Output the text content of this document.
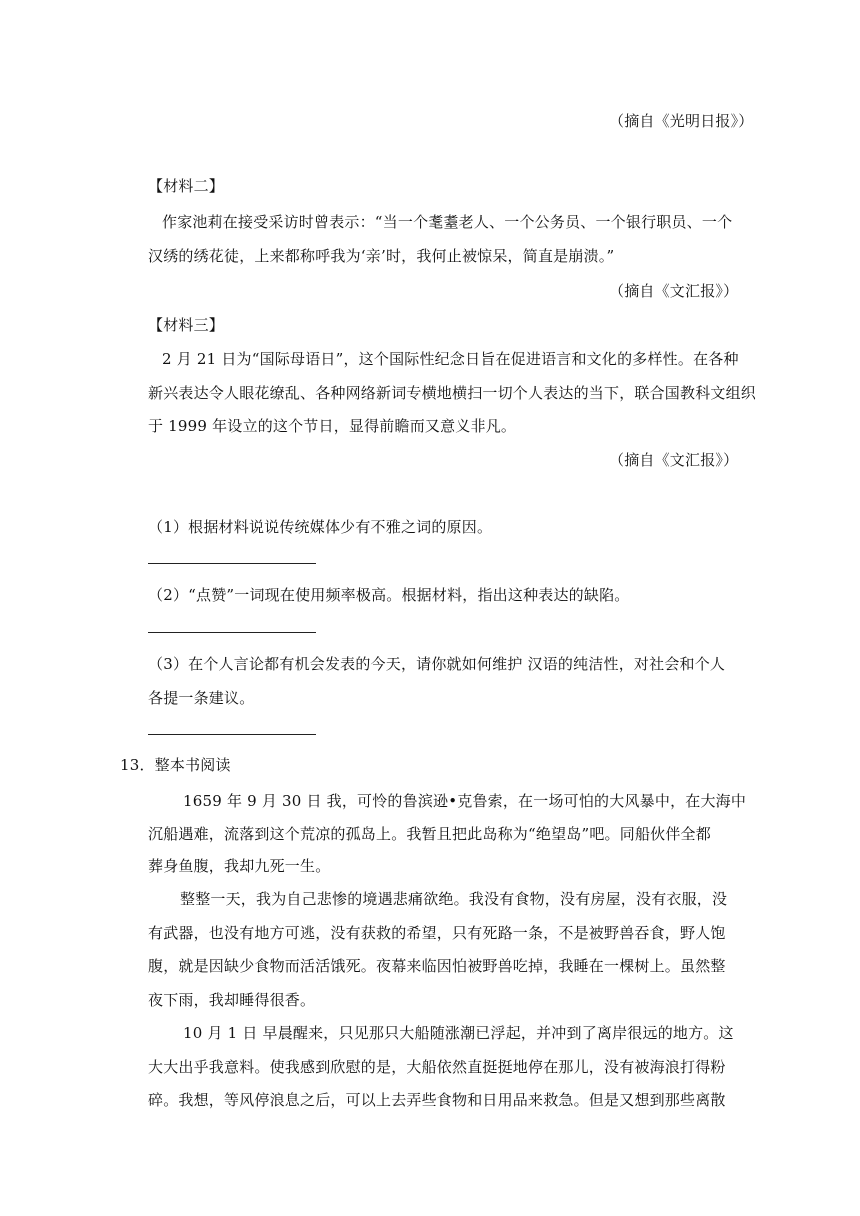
（摘自《光明日报》）
【材料二】
作家池莉在接受采访时曾表示：“当一个耄耋老人、一个公务员、一个银行职员、一个
汉绣的绣花徒，上来都称呼我为‘亲’时，我何止被惊呆，简直是崩溃。”
（摘自《文汇报》）
【材料三】
2 月 21 日为“国际母语日”，这个国际性纪念日旨在促进语言和文化的多样性。在各种
新兴表达令人眼花缭乱、各种网络新词专横地横扫一切个人表达的当下，联合国教科文组织
于 1999 年设立的这个节日，显得前瞻而又意义非凡。
（摘自《文汇报》）
（1）根据材料说说传统媒体少有不雅之词的原因。
（2）“点赞”一词现在使用频率极高。根据材料，指出这种表达的缺陷。
（3）在个人言论都有机会发表的今天，请你就如何维护 汉语的纯洁性，对社会和个人
各提一条建议。
13．整本书阅读
1659 年 9 月 30 日 我，可怜的鲁滨逊•克鲁索，在一场可怕的大风暴中，在大海中
沉船遇难，流落到这个荒凉的孤岛上。我暂且把此岛称为“绝望岛”吧。同船伙伴全都
葬身鱼腹，我却九死一生。
整整一天，我为自己悲惨的境遇悲痛欲绝。我没有食物，没有房屋，没有衣服，没
有武器，也没有地方可逃，没有获救的希望，只有死路一条，不是被野兽吞食，野人饱
腹，就是因缺少食物而活活饿死。夜幕来临因怕被野兽吃掉，我睡在一棵树上。虽然整
夜下雨，我却睡得很香。
10 月 1 日 早晨醒来，只见那只大船随涨潮已浮起，并冲到了离岸很远的地方。这
大大出乎我意料。使我感到欣慰的是，大船依然直挺挺地停在那儿，没有被海浪打得粉
碎。我想，等风停浪息之后，可以上去弄些食物和日用品来救急。但是又想到那些离散
